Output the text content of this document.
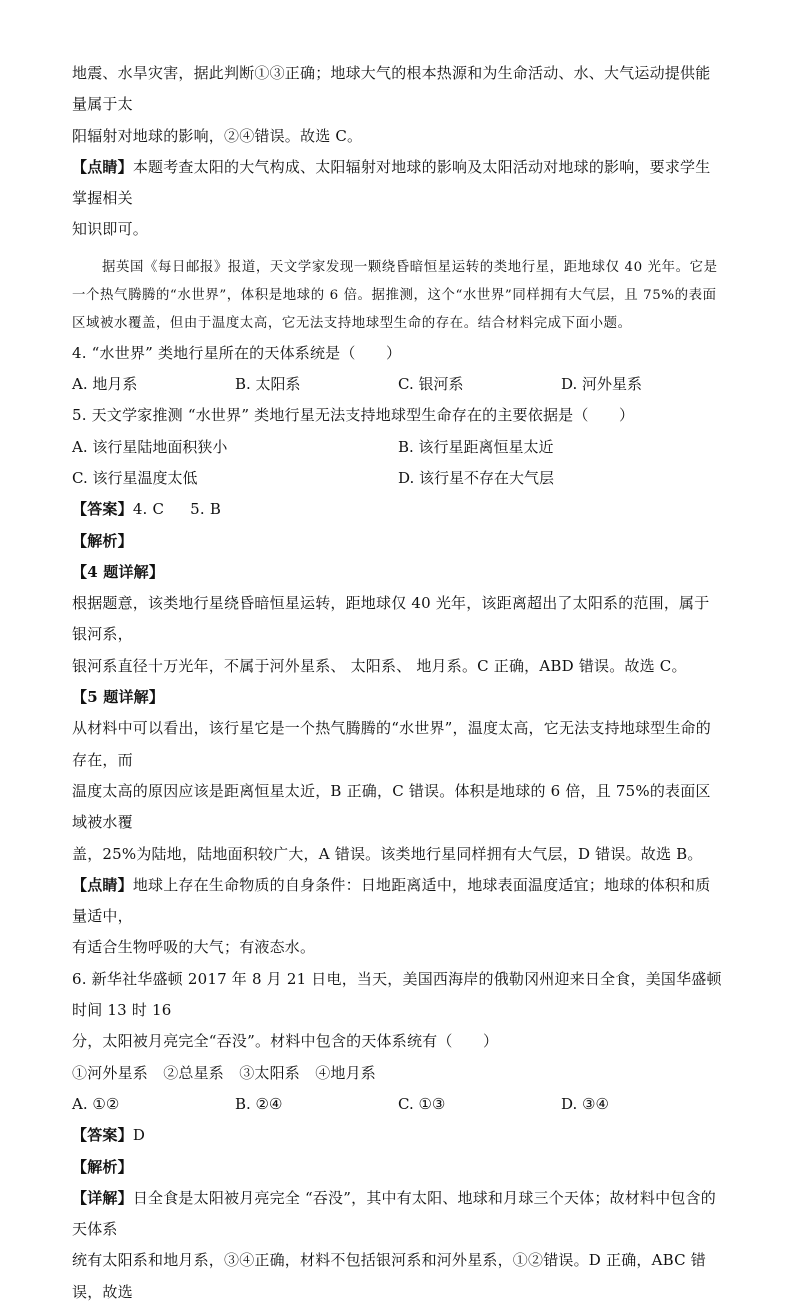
地震、水旱灾害，据此判断①③正确；地球大气的根本热源和为生命活动、水、大气运动提供能量属于太

阳辐射对地球的影响，②④错误。故选 C。

【点睛】本题考查太阳的大气构成、太阳辐射对地球的影响及太阳活动对地球的影响，要求学生掌握相关

知识即可。

据英国《每日邮报》报道，天文学家发现一颗绕昏暗恒星运转的类地行星，距地球仅 40 光年。它是

一个热气腾腾的“水世界”，体积是地球的 6 倍。据推测，这个“水世界”同样拥有大气层，且 75%的表面

区域被水覆盖，但由于温度太高，它无法支持地球型生命的存在。结合材料完成下面小题。

4. “水世界” 类地行星所在的天体系统是（　　）

A. 地月系	B. 太阳系	C. 银河系	D. 河外星系

5. 天文学家推测 “水世界” 类地行星无法支持地球型生命存在的主要依据是（　　）

A. 该行星陆地面积狭小	B. 该行星距离恒星太近
C. 该行星温度太低	D. 该行星不存在大气层

【答案】4. C 5. B

【解析】

【4 题详解】

根据题意，该类地行星绕昏暗恒星运转，距地球仅 40 光年，该距离超出了太阳系的范围，属于银河系，

银河系直径十万光年，不属于河外星系、 太阳系、 地月系。C 正确，ABD 错误。故选 C。

【5 题详解】

从材料中可以看出，该行星它是一个热气腾腾的“水世界”，温度太高，它无法支持地球型生命的存在，而

温度太高的原因应该是距离恒星太近，B 正确，C 错误。体积是地球的 6 倍，且 75%的表面区域被水覆

盖，25%为陆地，陆地面积较广大，A 错误。该类地行星同样拥有大气层，D 错误。故选 B。

【点睛】地球上存在生命物质的自身条件：日地距离适中，地球表面温度适宜；地球的体积和质量适中，

有适合生物呼吸的大气；有液态水。

6. 新华社华盛顿 2017 年 8 月 21 日电，当天，美国西海岸的俄勒冈州迎来日全食，美国华盛顿时间 13 时 16

分，太阳被月亮完全“吞没”。材料中包含的天体系统有（　　）

①河外星系　②总星系　③太阳系　④地月系

A. ①②	B. ②④	C. ①③	D. ③④

【答案】D

【解析】

【详解】日全食是太阳被月亮完全 “吞没”，其中有太阳、地球和月球三个天体；故材料中包含的天体系

统有太阳系和地月系，③④正确，材料不包括银河系和河外星系，①②错误。D 正确，ABC 错误，故选
